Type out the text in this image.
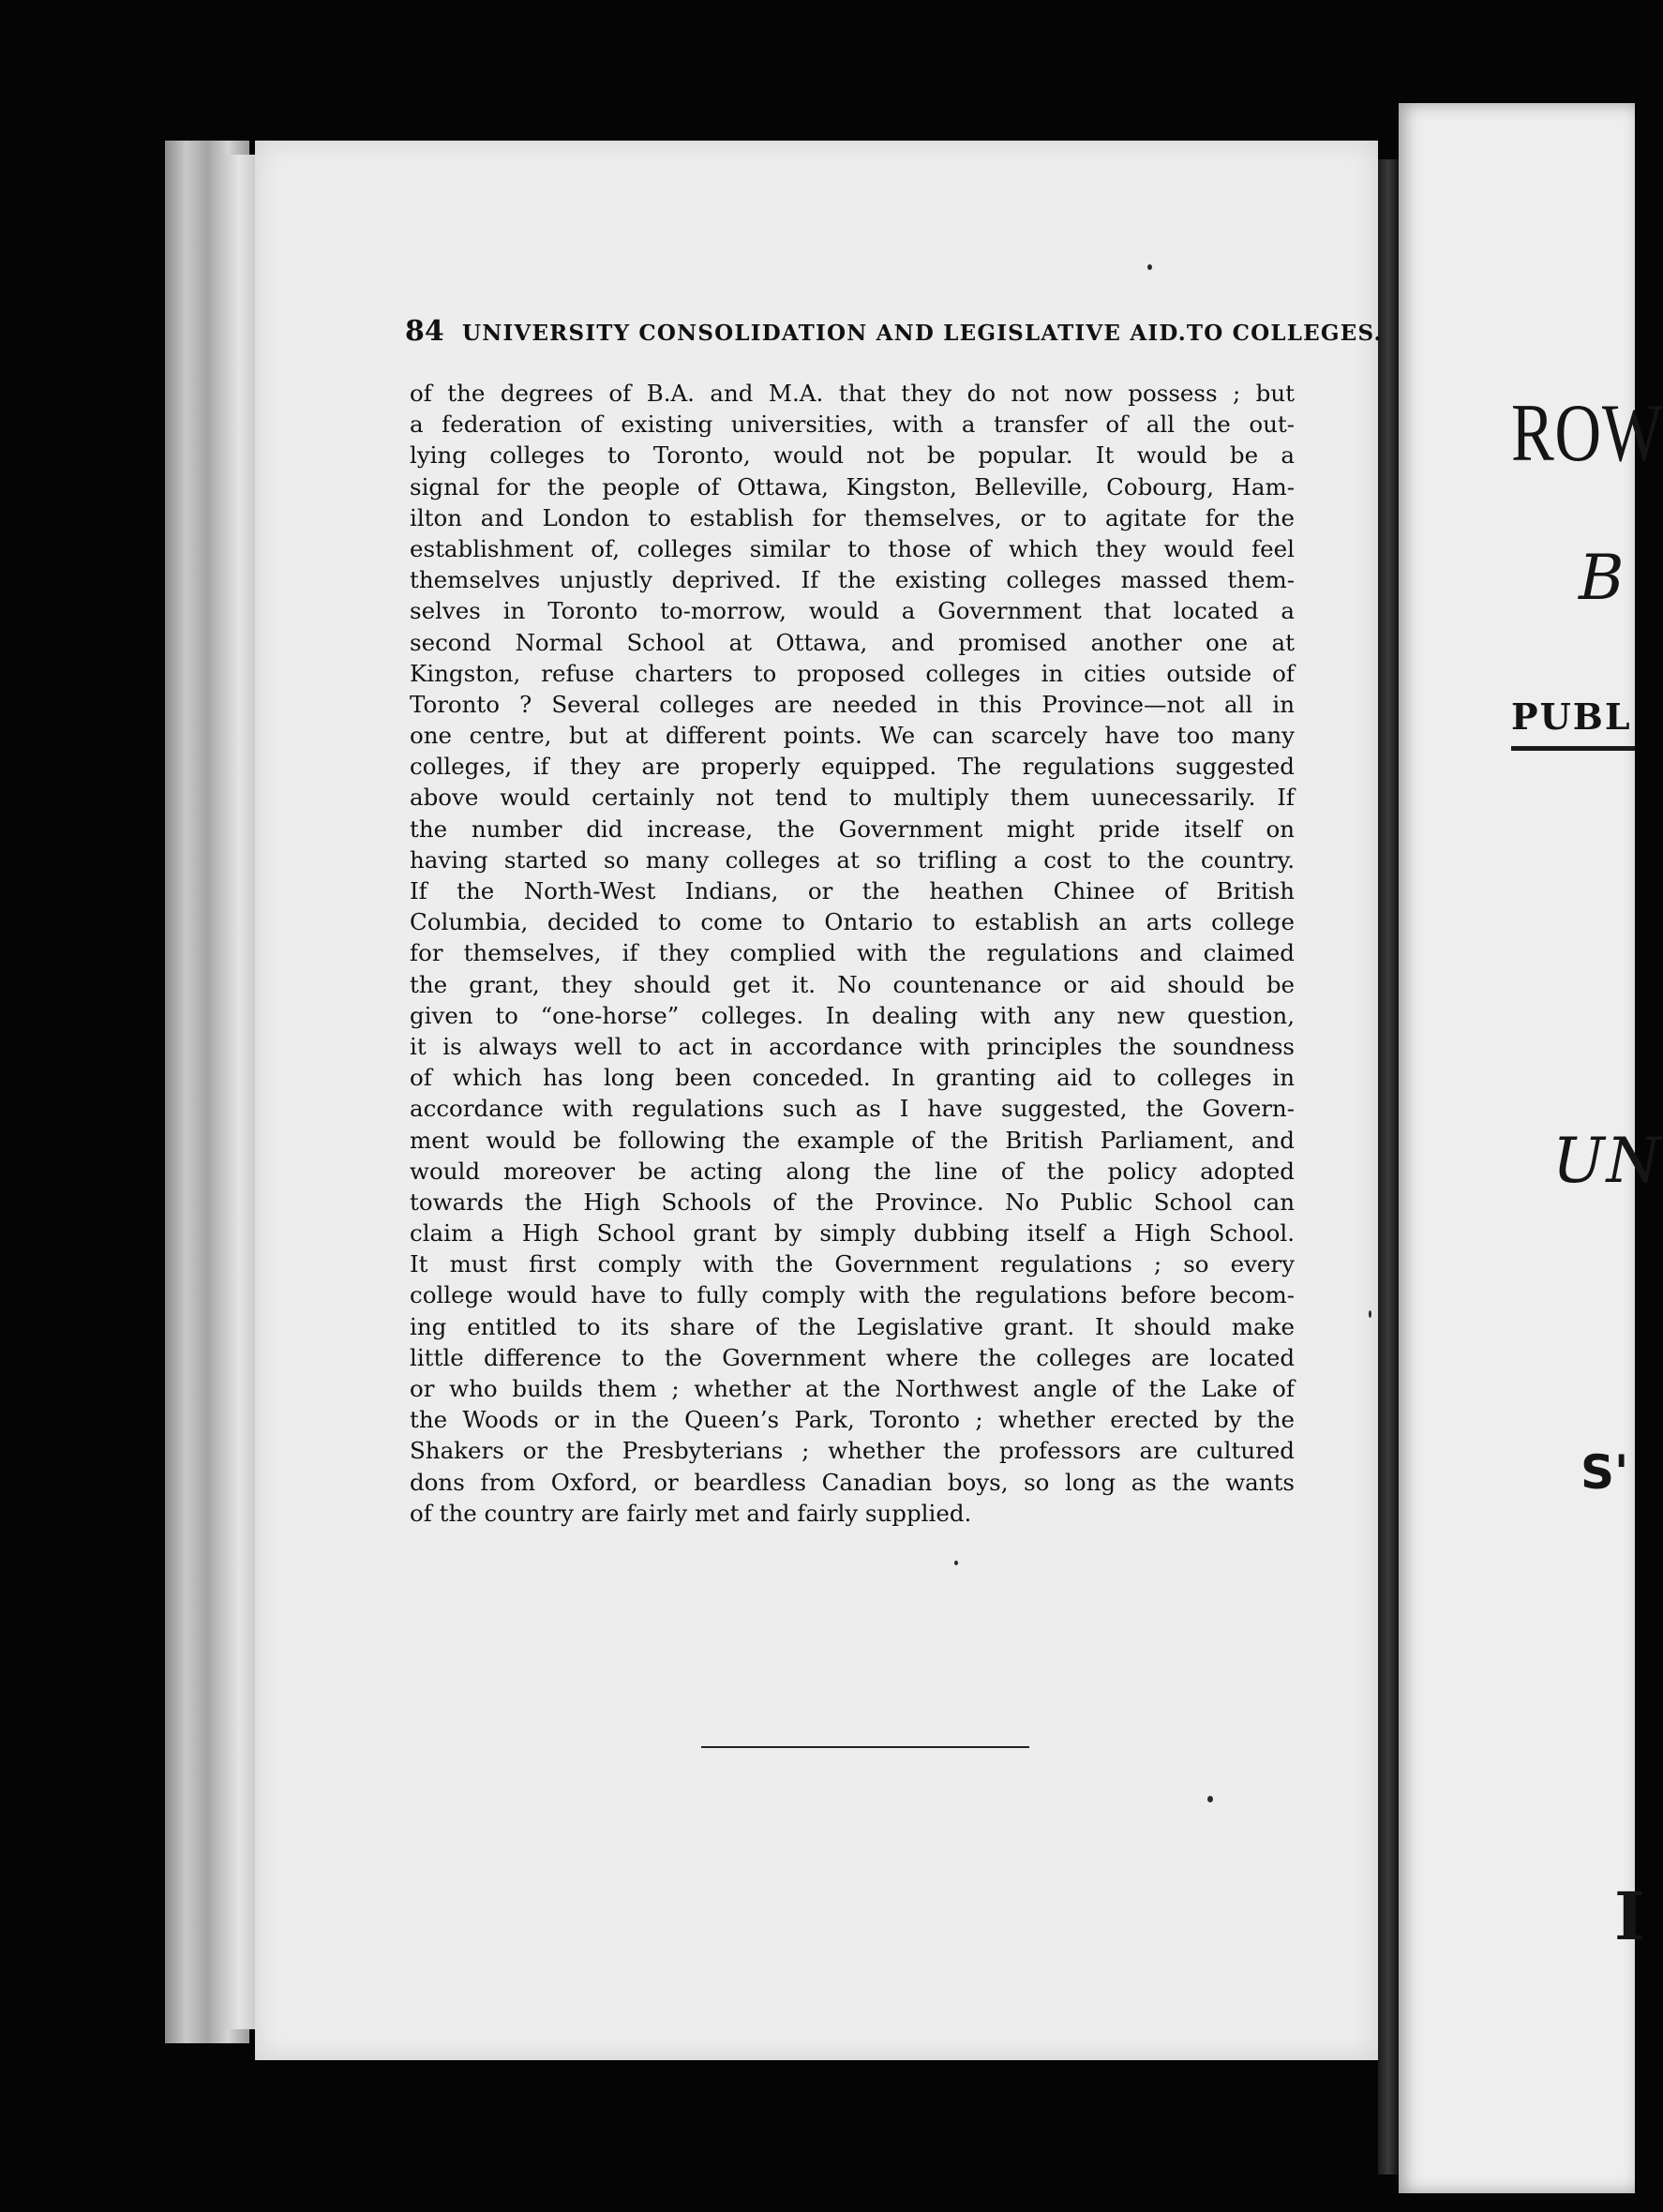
84 UNIVERSITY CONSOLIDATION AND LEGISLATIVE AID.TO COLLEGES.
of the degrees of B.A. and M.A. that they do not now possess ; but
a federation of existing universities, with a transfer of all the out-
lying colleges to Toronto, would not be popular. It would be a
signal for the people of Ottawa, Kingston, Belleville, Cobourg, Ham-
ilton and London to establish for themselves, or to agitate for the
establishment of, colleges similar to those of which they would feel
themselves unjustly deprived. If the existing colleges massed them-
selves in Toronto to-morrow, would a Government that located a
second Normal School at Ottawa, and promised another one at
Kingston, refuse charters to proposed colleges in cities outside of
Toronto ? Several colleges are needed in this Province—not all in
one centre, but at different points. We can scarcely have too many
colleges, if they are properly equipped. The regulations suggested
above would certainly not tend to multiply them uunecessarily. If
the number did increase, the Government might pride itself on
having started so many colleges at so trifling a cost to the country.
If the North-West Indians, or the heathen Chinee of British
Columbia, decided to come to Ontario to establish an arts college
for themselves, if they complied with the regulations and claimed
the grant, they should get it. No countenance or aid should be
given to “one-horse” colleges. In dealing with any new question,
it is always well to act in accordance with principles the soundness
of which has long been conceded. In granting aid to colleges in
accordance with regulations such as I have suggested, the Govern-
ment would be following the example of the British Parliament, and
would moreover be acting along the line of the policy adopted
towards the High Schools of the Province. No Public School can
claim a High School grant by simply dubbing itself a High School.
It must first comply with the Government regulations ; so every
college would have to fully comply with the regulations before becom-
ing entitled to its share of the Legislative grant. It should make
little difference to the Government where the colleges are located
or who builds them ; whether at the Northwest angle of the Lake of
the Woods or in the Queen’s Park, Toronto ; whether erected by the
Shakers or the Presbyterians ; whether the professors are cultured
dons from Oxford, or beardless Canadian boys, so long as the wants
of the country are fairly met and fairly supplied.
ROW
B
PUBL
UN
S'
I
